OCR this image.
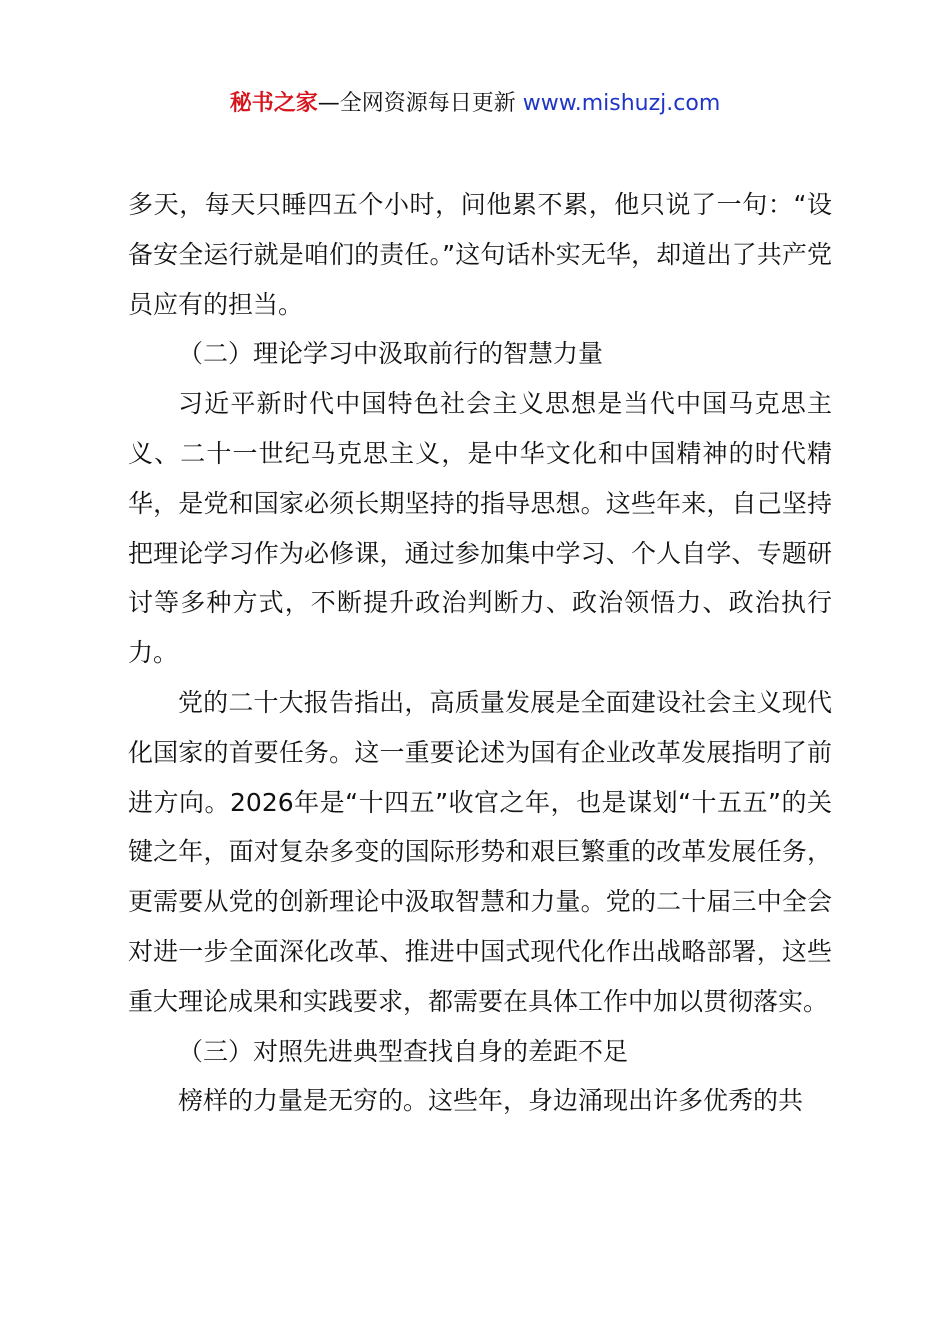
秘书之家—全网资源每日更新 www.mishuzj.com

多天，每天只睡四五个小时，问他累不累，他只说了一句：“设备安全运行就是咱们的责任。”这句话朴实无华，却道出了共产党员应有的担当。

（二）理论学习中汲取前行的智慧力量

习近平新时代中国特色社会主义思想是当代中国马克思主义、二十一世纪马克思主义，是中华文化和中国精神的时代精华，是党和国家必须长期坚持的指导思想。这些年来，自己坚持把理论学习作为必修课，通过参加集中学习、个人自学、专题研讨等多种方式，不断提升政治判断力、政治领悟力、政治执行力。

党的二十大报告指出，高质量发展是全面建设社会主义现代化国家的首要任务。这一重要论述为国有企业改革发展指明了前进方向。2026年是“十四五”收官之年，也是谋划“十五五”的关键之年，面对复杂多变的国际形势和艰巨繁重的改革发展任务，更需要从党的创新理论中汲取智慧和力量。党的二十届三中全会对进一步全面深化改革、推进中国式现代化作出战略部署，这些重大理论成果和实践要求，都需要在具体工作中加以贯彻落实。

（三）对照先进典型查找自身的差距不足

榜样的力量是无穷的。这些年，身边涌现出许多优秀的共
